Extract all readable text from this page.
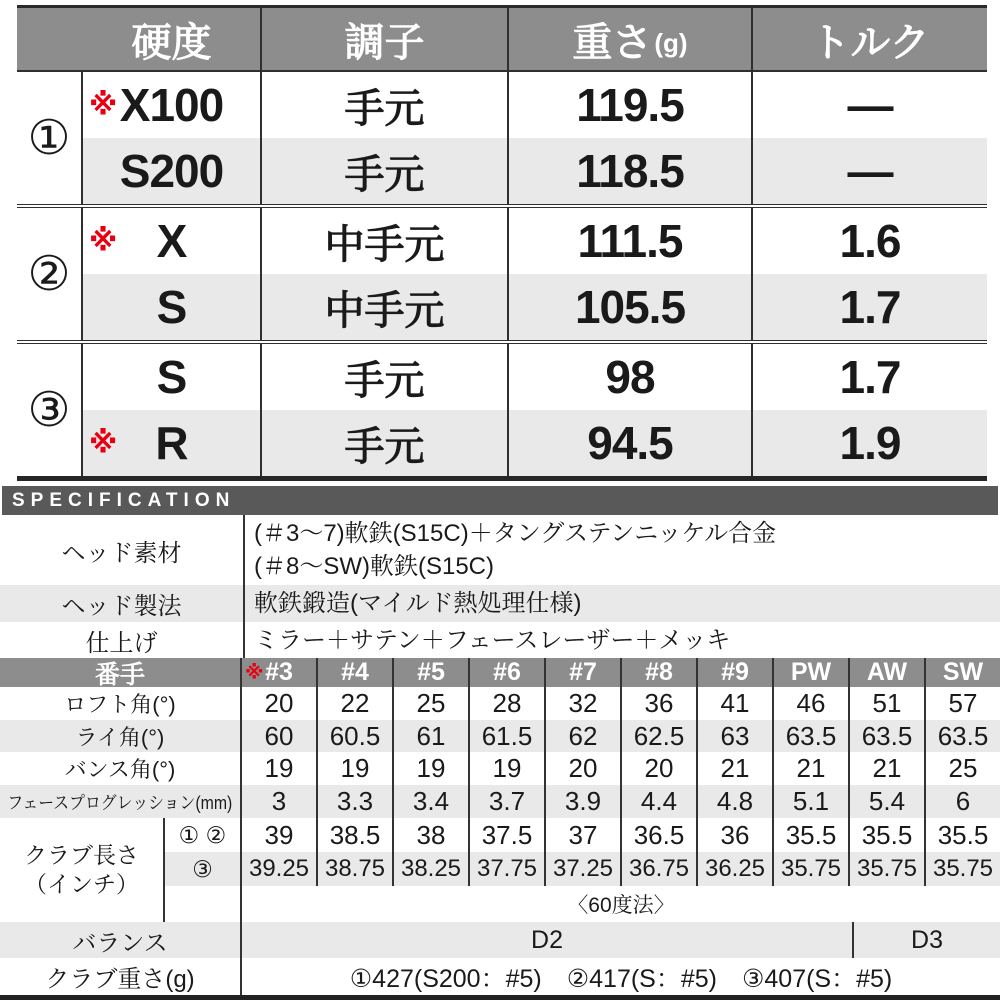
硬度	調子	重さ (g)	トルク
①
※ X100	手元	119.5	—
S200	手元	118.5	—
②
※ X	中手元	111.5	1.6
S	中手元	105.5	1.7
③
S	手元	98	1.7
※ R	手元	94.5	1.9
SPECIFICATION
ヘッド素材
(＃3～7)軟鉄(S15C)＋タングステンニッケル合金
(＃8～SW)軟鉄(S15C)
ヘッド製法	軟鉄鍛造(マイルド熱処理仕様)
仕上げ	ミラー＋サテン＋フェースレーザー＋メッキ
番手	#3	#4	#5	#6	#7	#8	#9	PW	AW	SW
※
ロフト角(°)	20	22	25	28	32	36	41	46	51	57
ライ角(°)	60	60.5	61	61.5	62	62.5	63	63.5 63.5 63.5
バンス角(°)	19	19	19	19	20	20	21	21	21	25
フェースプログレッション(mm)	3	3.3	3.4	3.7	3.9	4.4	4.8	5.1	5.4	6
クラブ長さ
（インチ）
① ②	39	38.5	38	37.5	37	36.5	36	35.5 35.5 35.5
③	39.25 38.75 38.25 37.75 37.25 36.75 36.25 35.75 35.75 35.75
〈60度法〉
バランス	D2	D3
クラブ重さ(g)	①427(S200：#5)　②417(S：#5)　③407(S：#5)
